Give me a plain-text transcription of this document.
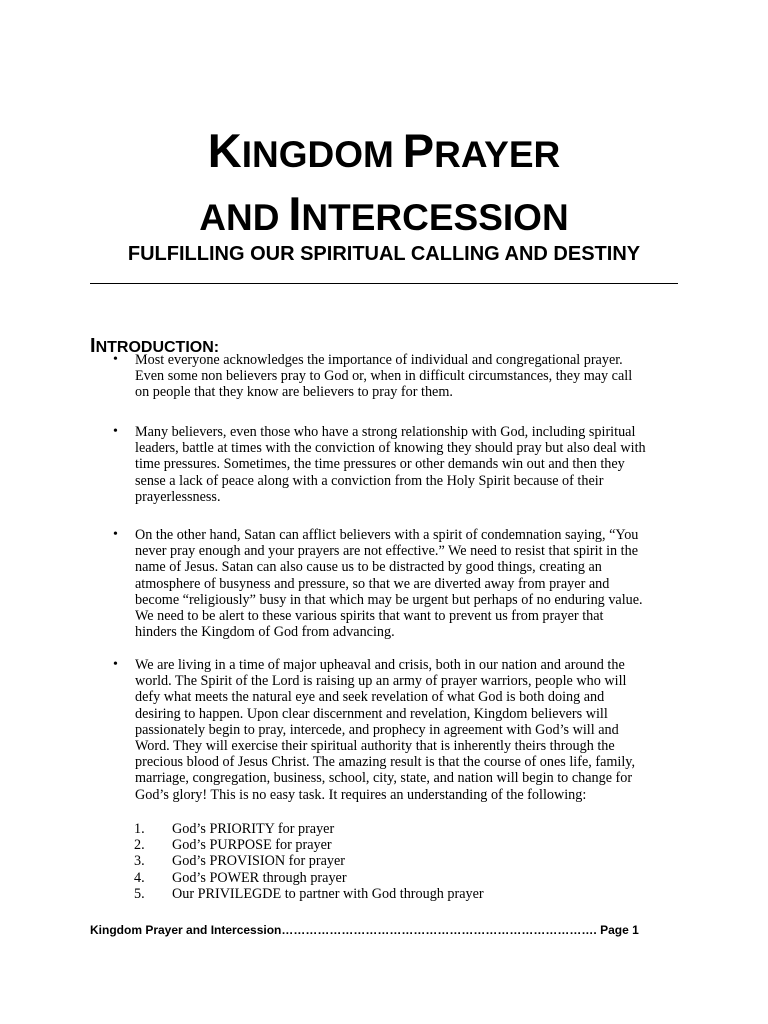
KINGDOM PRAYER
AND INTERCESSION
FULFILLING OUR SPIRITUAL CALLING AND DESTINY
INTRODUCTION:
• Most everyone acknowledges the importance of individual and congregational prayer.
Even some non believers pray to God or, when in difficult circumstances, they may call
on people that they know are believers to pray for them.

• Many believers, even those who have a strong relationship with God, including spiritual
leaders, battle at times with the conviction of knowing they should pray but also deal with
time pressures. Sometimes, the time pressures or other demands win out and then they
sense a lack of peace along with a conviction from the Holy Spirit because of their
prayerlessness.

• On the other hand, Satan can afflict believers with a spirit of condemnation saying, “You
never pray enough and your prayers are not effective.” We need to resist that spirit in the
name of Jesus. Satan can also cause us to be distracted by good things, creating an
atmosphere of busyness and pressure, so that we are diverted away from prayer and
become “religiously” busy in that which may be urgent but perhaps of no enduring value.
We need to be alert to these various spirits that want to prevent us from prayer that
hinders the Kingdom of God from advancing.

• We are living in a time of major upheaval and crisis, both in our nation and around the
world. The Spirit of the Lord is raising up an army of prayer warriors, people who will
defy what meets the natural eye and seek revelation of what God is both doing and
desiring to happen. Upon clear discernment and revelation, Kingdom believers will
passionately begin to pray, intercede, and prophecy in agreement with God’s will and
Word. They will exercise their spiritual authority that is inherently theirs through the
precious blood of Jesus Christ. The amazing result is that the course of ones life, family,
marriage, congregation, business, school, city, state, and nation will begin to change for
God’s glory! This is no easy task. It requires an understanding of the following:

1.	God’s PRIORITY for prayer
2.	God’s PURPOSE for prayer
3.	God’s PROVISION for prayer
4.	God’s POWER through prayer
5.	Our PRIVILEGDE to partner with God through prayer
Kingdom Prayer and Intercession……………………………………………………………………. Page 1
